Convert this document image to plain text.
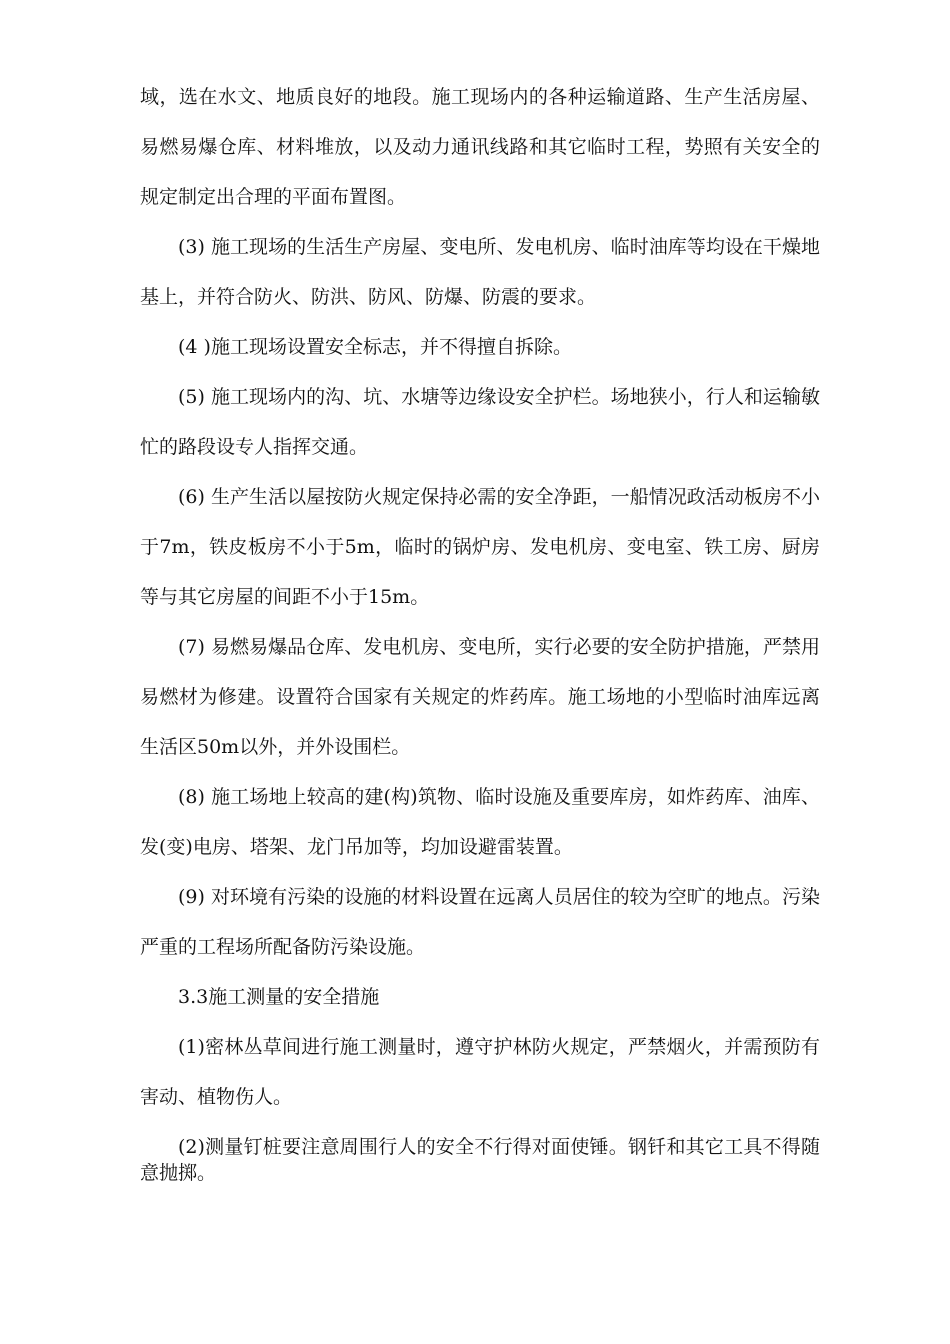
域，选在水文、地质良好的地段。施工现场内的各种运输道路、生产生活房屋、易燃易爆仓库、材料堆放，以及动力通讯线路和其它临时工程，势照有关安全的规定制定出合理的平面布置图。

(3) 施工现场的生活生产房屋、变电所、发电机房、临时油库等均设在干燥地基上，并符合防火、防洪、防风、防爆、防震的要求。

(4 )施工现场设置安全标志，并不得擅自拆除。

(5) 施工现场内的沟、坑、水塘等边缘设安全护栏。场地狭小，行人和运输敏忙的路段设专人指挥交通。

(6) 生产生活以屋按防火规定保持必需的安全净距，一船情况政活动板房不小于7m，铁皮板房不小于5m，临时的锅炉房、发电机房、变电室、铁工房、厨房等与其它房屋的间距不小于15m。

(7) 易燃易爆品仓库、发电机房、变电所，实行必要的安全防护措施，严禁用易燃材为修建。设置符合国家有关规定的炸药库。施工场地的小型临时油库远离生活区50m以外，并外设围栏。

(8) 施工场地上较高的建(构)筑物、临时设施及重要库房，如炸药库、油库、发(变)电房、塔架、龙门吊加等，均加设避雷装置。

(9) 对环境有污染的设施的材料设置在远离人员居住的较为空旷的地点。污染严重的工程场所配备防污染设施。

3.3施工测量的安全措施

(1)密林丛草间进行施工测量时，遵守护林防火规定，严禁烟火，并需预防有害动、植物伤人。

(2)测量钉桩要注意周围行人的安全不行得对面使锤。钢钎和其它工具不得随意抛掷。
